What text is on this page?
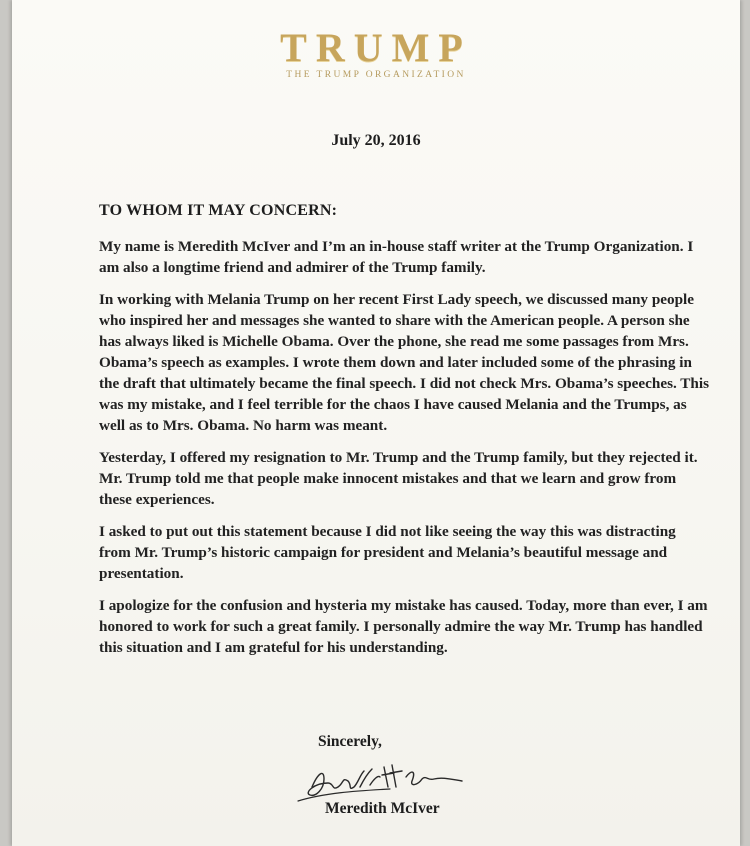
TRUMP
THE TRUMP ORGANIZATION
July 20, 2016
TO WHOM IT MAY CONCERN:

My name is Meredith McIver and I’m an in-house staff writer at the Trump Organization. I am also a longtime friend and admirer of the Trump family.

In working with Melania Trump on her recent First Lady speech, we discussed many people who inspired her and messages she wanted to share with the American people. A person she has always liked is Michelle Obama. Over the phone, she read me some passages from Mrs. Obama’s speech as examples. I wrote them down and later included some of the phrasing in the draft that ultimately became the final speech. I did not check Mrs. Obama’s speeches. This was my mistake, and I feel terrible for the chaos I have caused Melania and the Trumps, as well as to Mrs. Obama. No harm was meant.

Yesterday, I offered my resignation to Mr. Trump and the Trump family, but they rejected it. Mr. Trump told me that people make innocent mistakes and that we learn and grow from these experiences.

I asked to put out this statement because I did not like seeing the way this was distracting from Mr. Trump’s historic campaign for president and Melania’s beautiful message and presentation.

I apologize for the confusion and hysteria my mistake has caused. Today, more than ever, I am honored to work for such a great family. I personally admire the way Mr. Trump has handled this situation and I am grateful for his understanding.

Sincerely,
Meredith McIver
